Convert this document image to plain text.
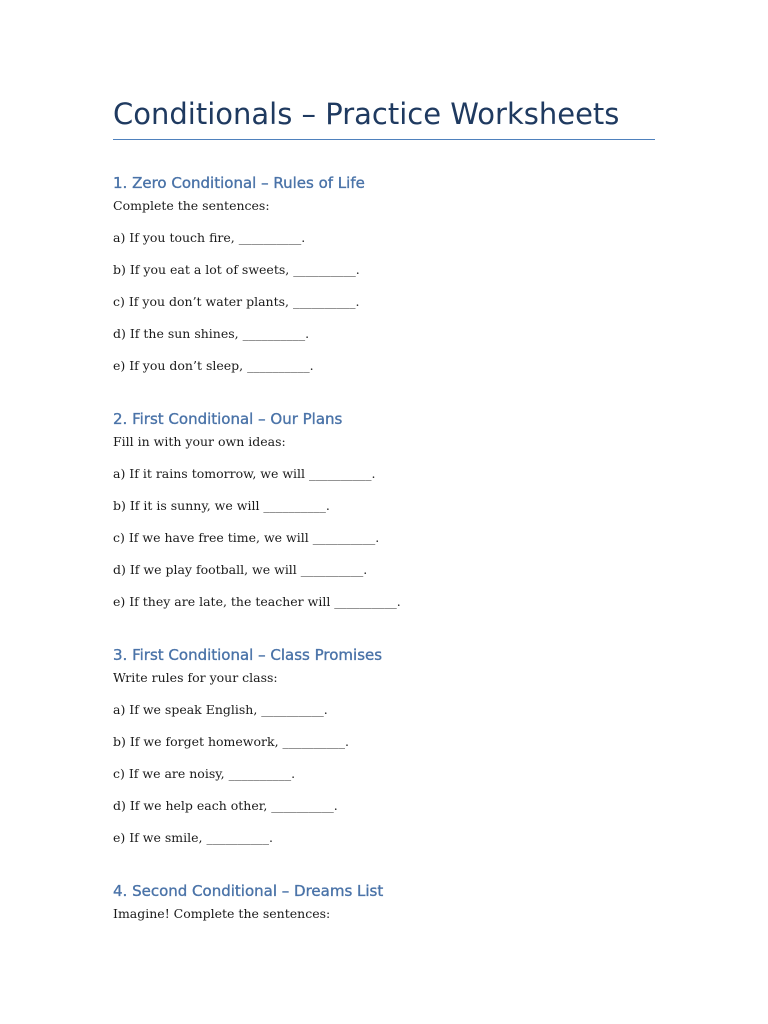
Conditionals – Practice Worksheets
1. Zero Conditional – Rules of Life
Complete the sentences:
a) If you touch fire, __________.
b) If you eat a lot of sweets, __________.
c) If you don’t water plants, __________.
d) If the sun shines, __________.
e) If you don’t sleep, __________.
2. First Conditional – Our Plans
Fill in with your own ideas:
a) If it rains tomorrow, we will __________.
b) If it is sunny, we will __________.
c) If we have free time, we will __________.
d) If we play football, we will __________.
e) If they are late, the teacher will __________.
3. First Conditional – Class Promises
Write rules for your class:
a) If we speak English, __________.
b) If we forget homework, __________.
c) If we are noisy, __________.
d) If we help each other, __________.
e) If we smile, __________.
4. Second Conditional – Dreams List
Imagine! Complete the sentences:
